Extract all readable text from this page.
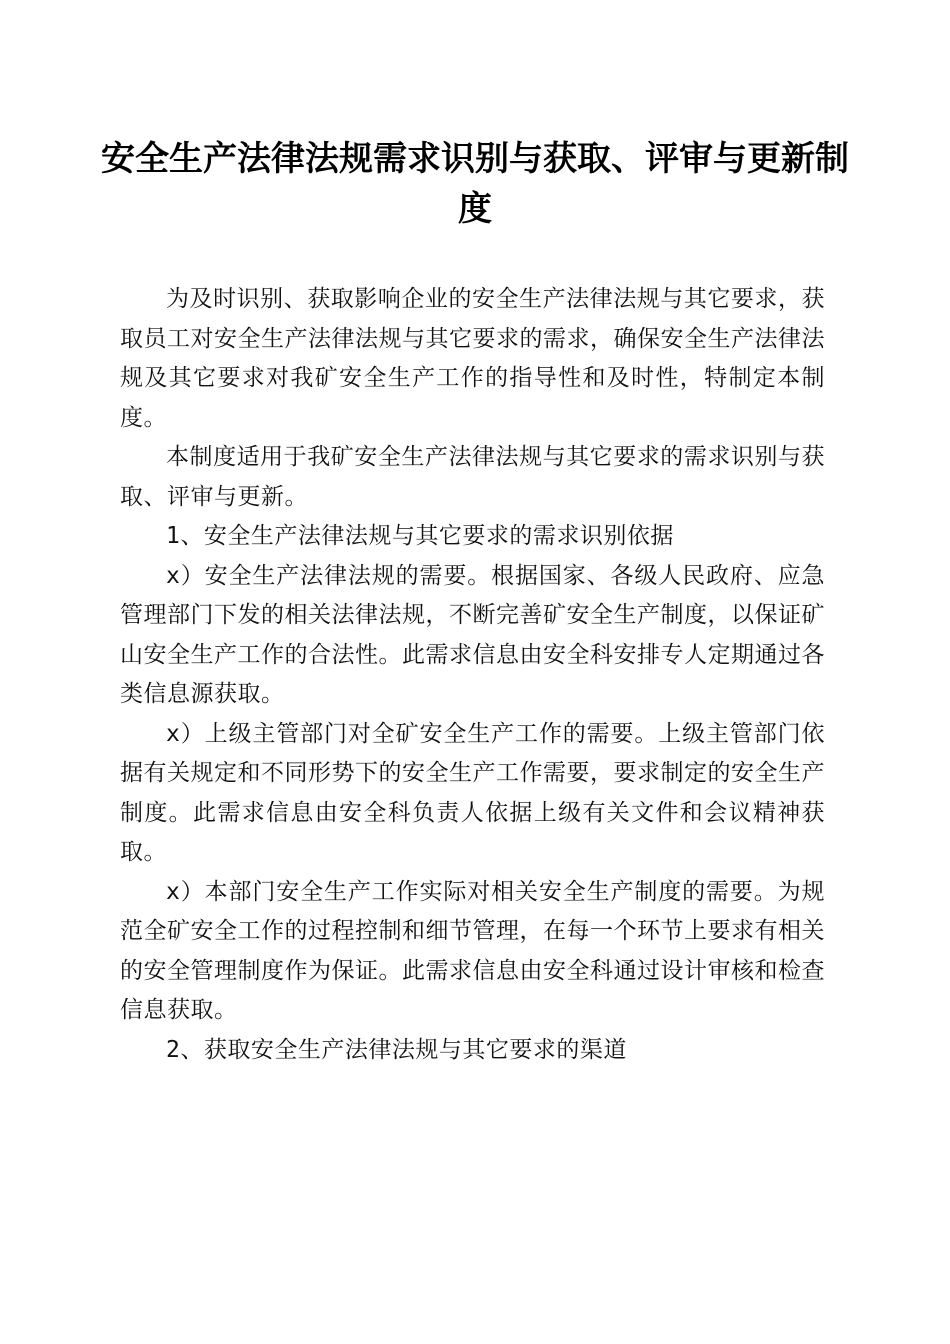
安全生产法律法规需求识别与获取、评审与更新制度

为及时识别、获取影响企业的安全生产法律法规与其它要求，获取员工对安全生产法律法规与其它要求的需求，确保安全生产法律法规及其它要求对我矿安全生产工作的指导性和及时性，特制定本制度。

本制度适用于我矿安全生产法律法规与其它要求的需求识别与获取、评审与更新。

1、安全生产法律法规与其它要求的需求识别依据

x）安全生产法律法规的需要。根据国家、各级人民政府、应急管理部门下发的相关法律法规，不断完善矿安全生产制度，以保证矿山安全生产工作的合法性。此需求信息由安全科安排专人定期通过各类信息源获取。

x）上级主管部门对全矿安全生产工作的需要。上级主管部门依据有关规定和不同形势下的安全生产工作需要，要求制定的安全生产制度。此需求信息由安全科负责人依据上级有关文件和会议精神获取。

x）本部门安全生产工作实际对相关安全生产制度的需要。为规范全矿安全工作的过程控制和细节管理，在每一个环节上要求有相关的安全管理制度作为保证。此需求信息由安全科通过设计审核和检查信息获取。

2、获取安全生产法律法规与其它要求的渠道
